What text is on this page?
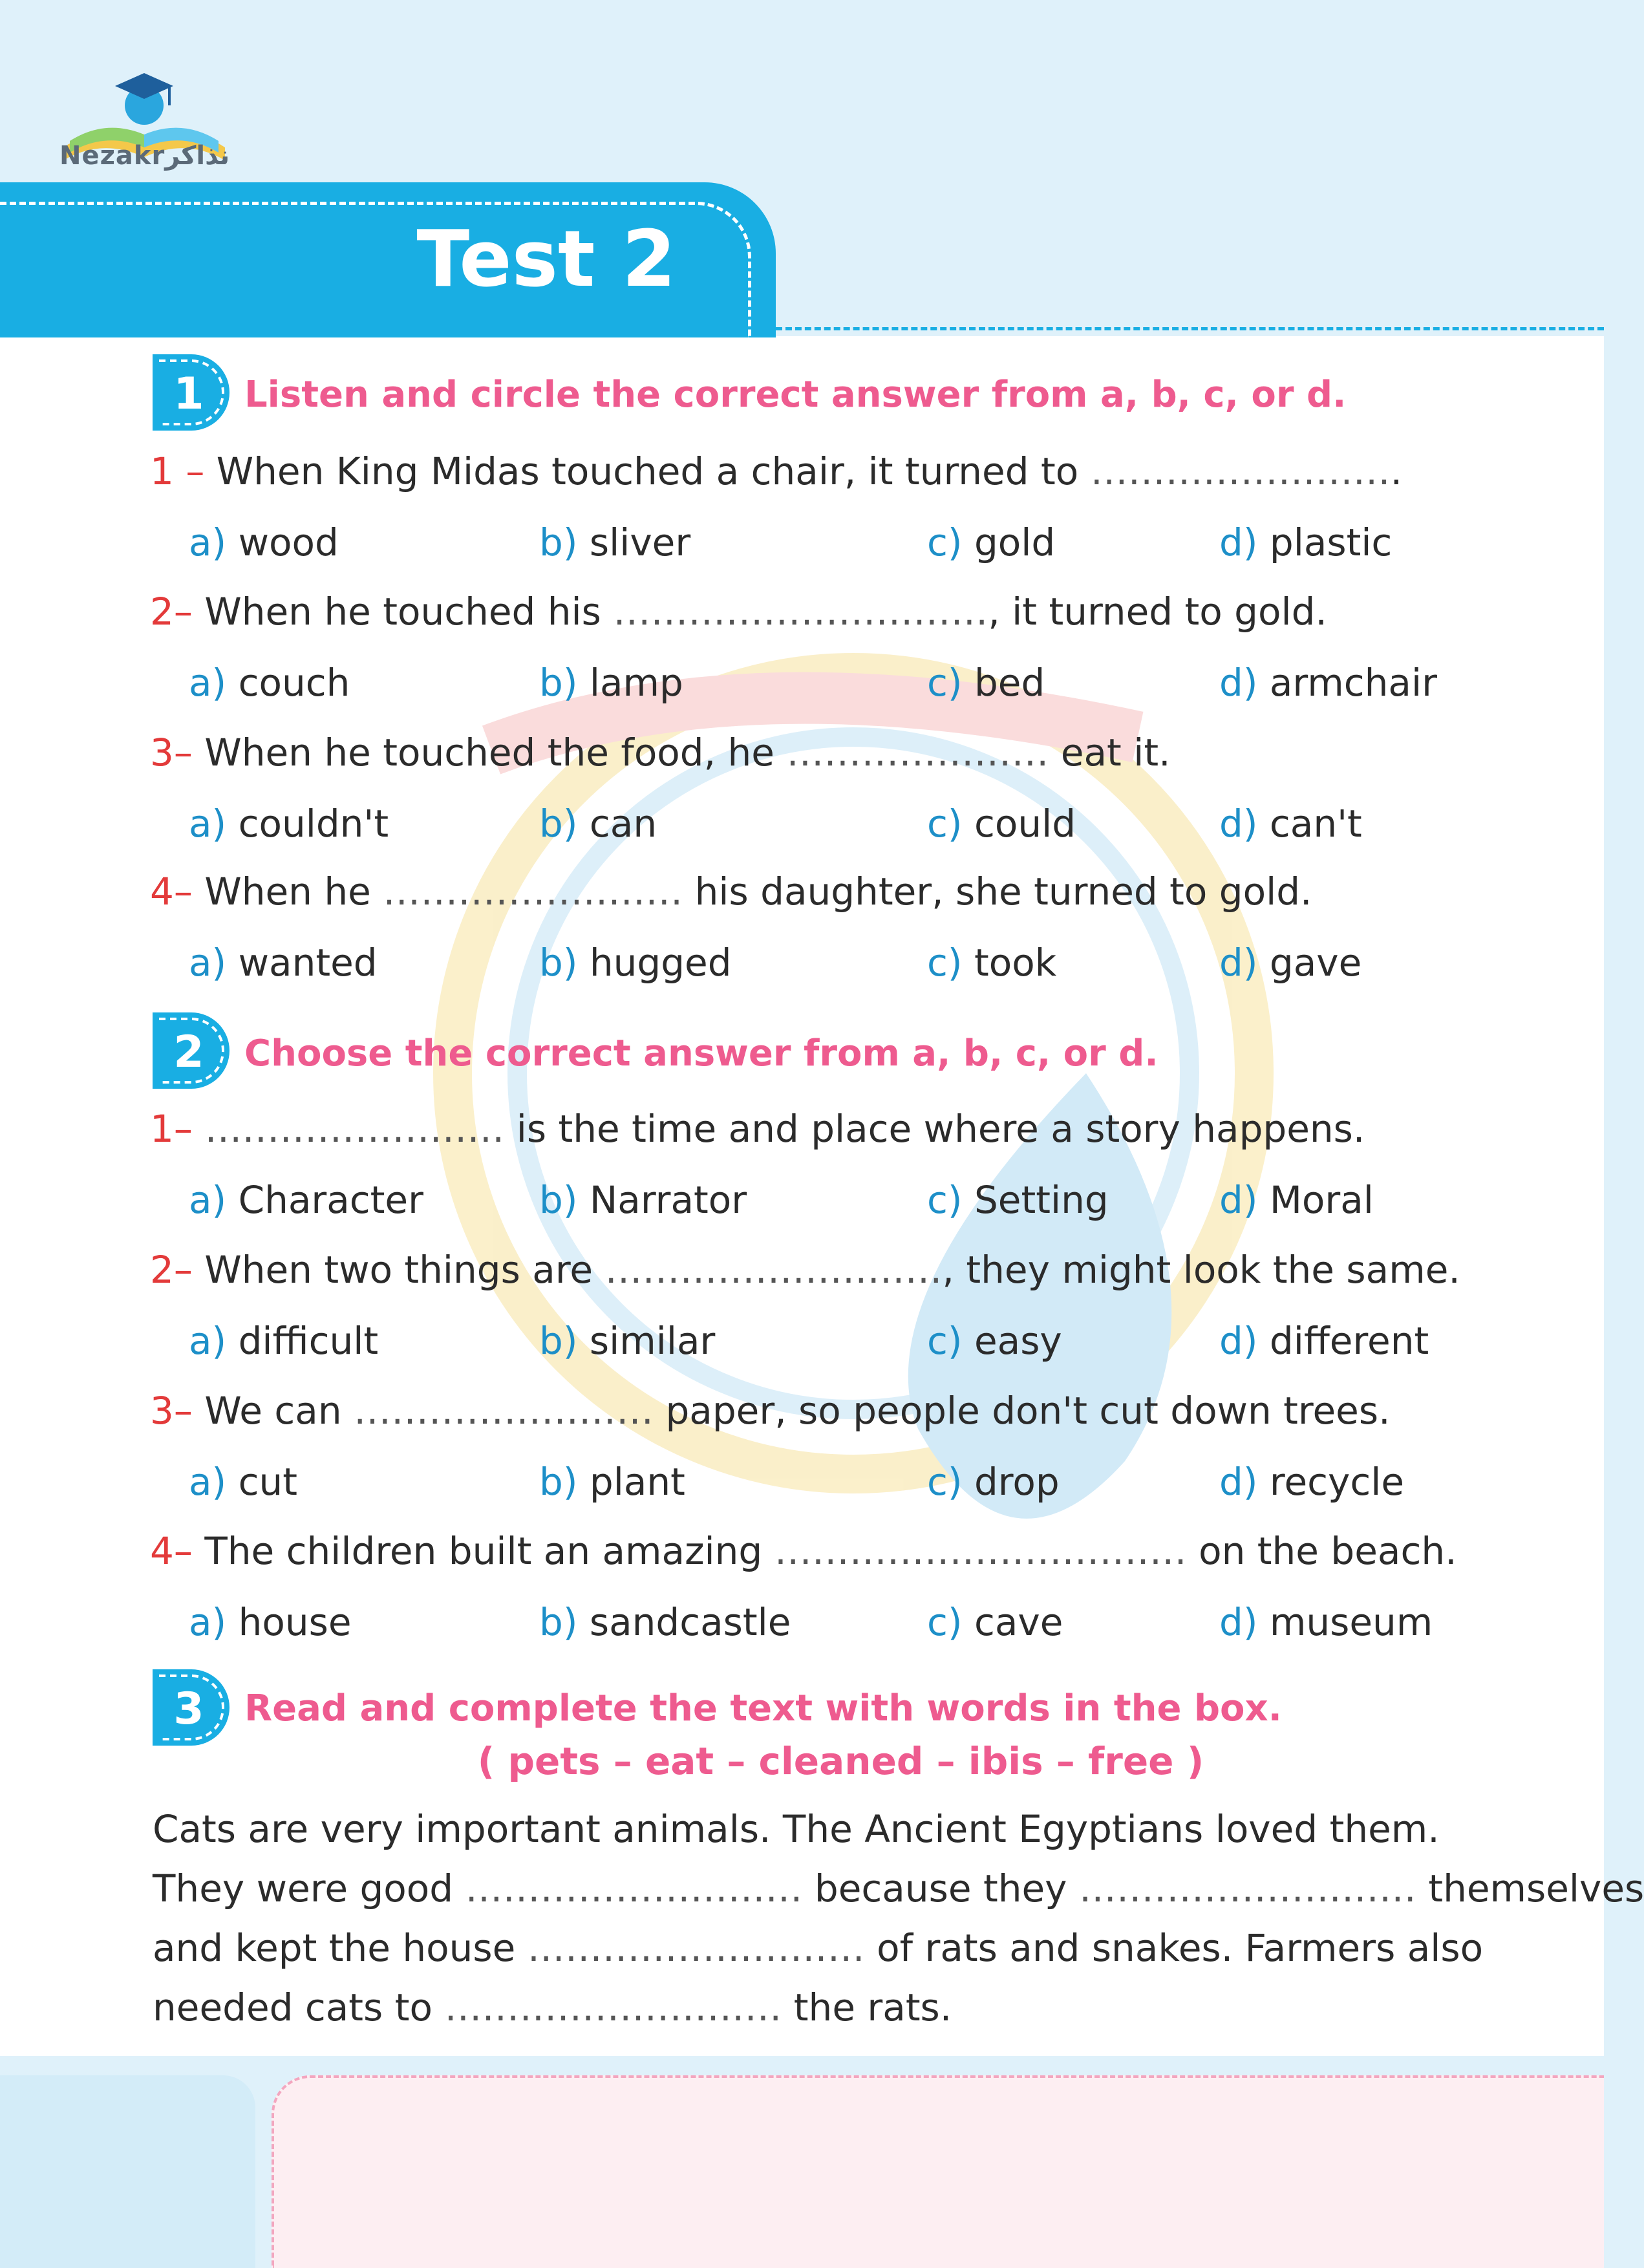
Nezakrنذاكر
Test 2
1 Listen and circle the correct answer from a, b, c, or d.
2 Choose the correct answer from a, b, c, or d.
3 Read and complete the text with words in the box.
1 – When King Midas touched a chair, it turned to …………………….
a) wood	b) sliver	c) gold	d) plastic
2– When he touched his …………………………, it turned to gold.
a) couch	b) lamp	c) bed	d) armchair
3– When he touched the food, he ………………… eat it.
a) couldn't	b) can	c) could	d) can't
4– When he …………………… his daughter, she turned to gold.
a) wanted	b) hugged	c) took	d) gave
1– …………………… is the time and place where a story happens.
a) Character	b) Narrator	c) Setting	d) Moral
2– When two things are ………………………, they might look the same.
a) difficult	b) similar	c) easy	d) different
3– We can …………………… paper, so people don't cut down trees.
a) cut	b) plant	c) drop	d) recycle
4– The children built an amazing …………………………… on the beach.
a) house	b) sandcastle	c) cave	d) museum
( pets – eat – cleaned – ibis – free )
Cats are very important animals. The Ancient Egyptians loved them.
They were good ……………………… because they ……………………… themselves
and kept the house ……………………… of rats and snakes. Farmers also
needed cats to ……………………… the rats.
